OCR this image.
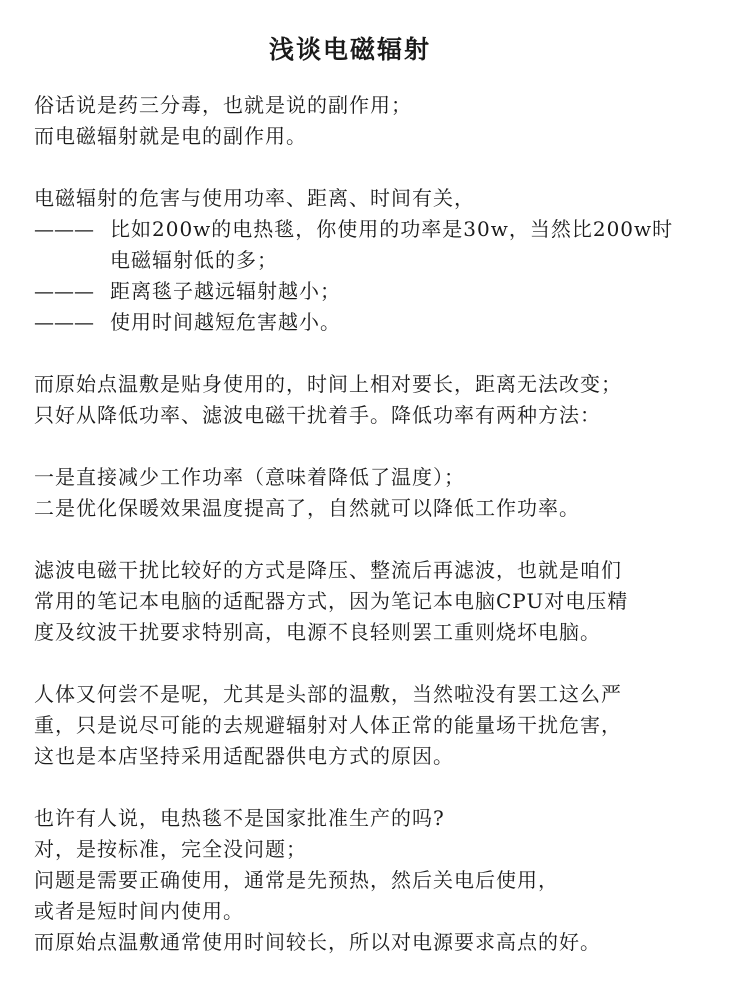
浅谈电磁辐射
俗话说是药三分毒，也就是说的副作用；
而电磁辐射就是电的副作用。
电磁辐射的危害与使用功率、距离、时间有关，
——— 比如200w的电热毯，你使用的功率是30w，当然比200w时
电磁辐射低的多；
——— 距离毯子越远辐射越小；
——— 使用时间越短危害越小。
而原始点温敷是贴身使用的，时间上相对要长，距离无法改变；
只好从降低功率、滤波电磁干扰着手。降低功率有两种方法：
一是直接减少工作功率（意味着降低了温度）；
二是优化保暖效果温度提高了，自然就可以降低工作功率。
滤波电磁干扰比较好的方式是降压、整流后再滤波，也就是咱们
常用的笔记本电脑的适配器方式，因为笔记本电脑CPU对电压精
度及纹波干扰要求特别高，电源不良轻则罢工重则烧坏电脑。
人体又何尝不是呢，尤其是头部的温敷，当然啦没有罢工这么严
重，只是说尽可能的去规避辐射对人体正常的能量场干扰危害，
这也是本店坚持采用适配器供电方式的原因。
也许有人说，电热毯不是国家批准生产的吗?
对，是按标准，完全没问题；
问题是需要正确使用，通常是先预热，然后关电后使用，
或者是短时间内使用。
而原始点温敷通常使用时间较长，所以对电源要求高点的好。
